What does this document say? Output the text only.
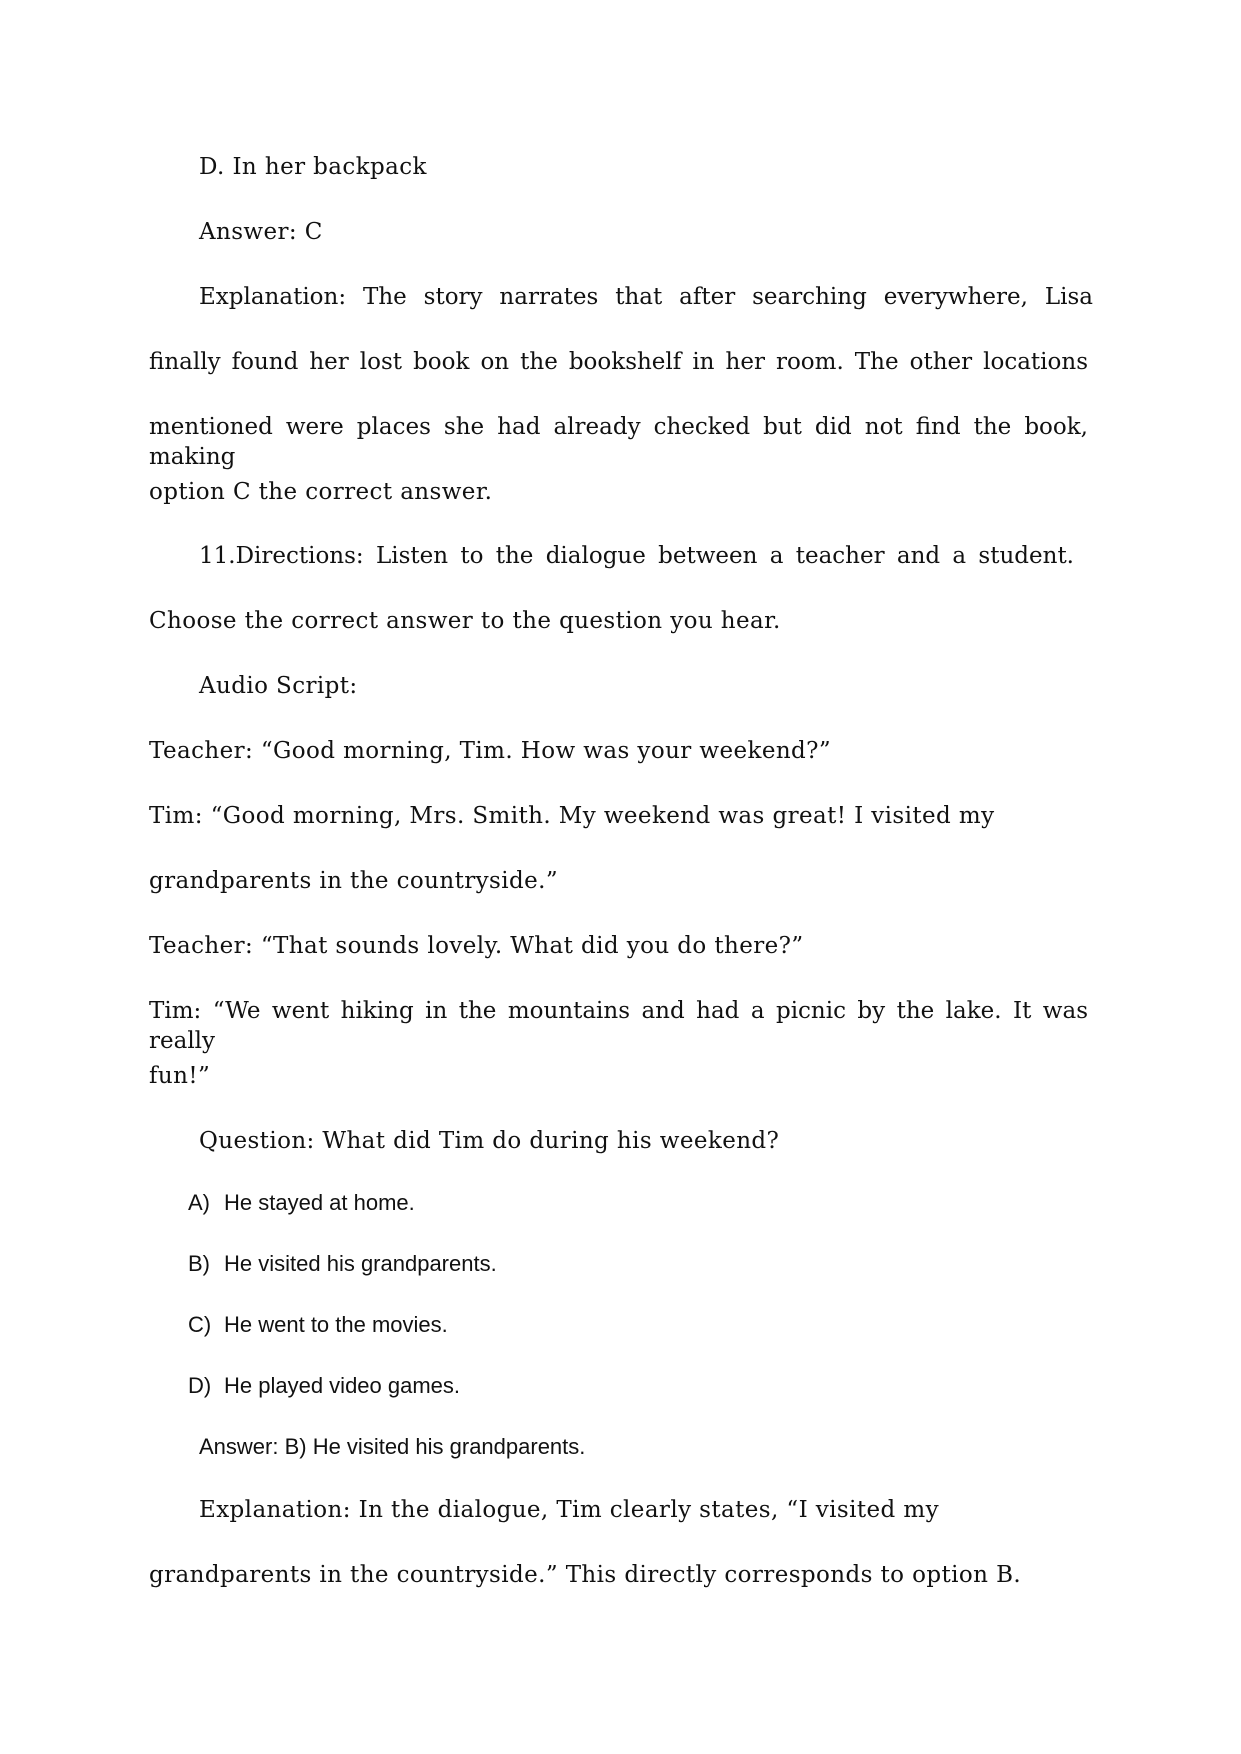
D. In her backpack
Answer: C
Explanation: The story narrates that after searching everywhere, Lisa
finally found her lost book on the bookshelf in her room. The other locations
mentioned were places she had already checked but did not find the book, making
option C the correct answer.
11.Directions: Listen to the dialogue between a teacher and a student.
Choose the correct answer to the question you hear.
Audio Script:
Teacher: “Good morning, Tim. How was your weekend?”
Tim: “Good morning, Mrs. Smith. My weekend was great! I visited my
grandparents in the countryside.”
Teacher: “That sounds lovely. What did you do there?”
Tim: “We went hiking in the mountains and had a picnic by the lake. It was really
fun!”
Question: What did Tim do during his weekend?
A) He stayed at home.
B) He visited his grandparents.
C) He went to the movies.
D) He played video games.
Answer: B) He visited his grandparents.
Explanation: In the dialogue, Tim clearly states, “I visited my
grandparents in the countryside.” This directly corresponds to option B.
